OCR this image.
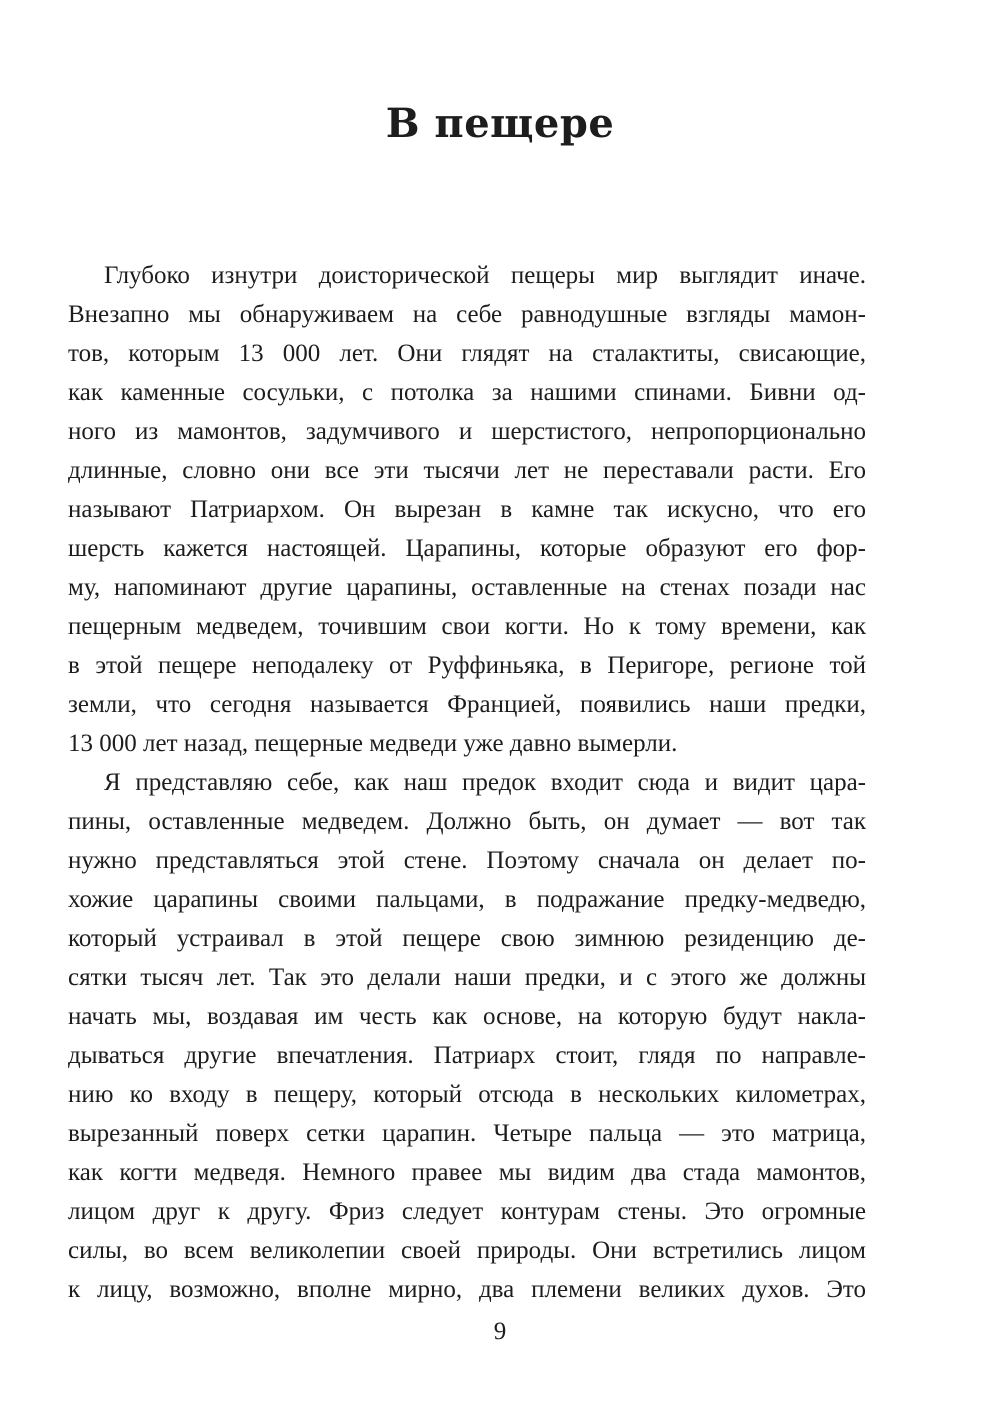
В пещере
Глубоко изнутри доисторической пещеры мир выглядит иначе.
Внезапно мы обнаруживаем на себе равнодушные взгляды мамон-
тов, которым 13 000 лет. Они глядят на сталактиты, свисающие,
как каменные сосульки, с потолка за нашими спинами. Бивни од-
ного из мамонтов, задумчивого и шерстистого, непропорционально
длинные, словно они все эти тысячи лет не переставали расти. Его
называют Патриархом. Он вырезан в камне так искусно, что его
шерсть кажется настоящей. Царапины, которые образуют его фор-
му, напоминают другие царапины, оставленные на стенах позади нас
пещерным медведем, точившим свои когти. Но к тому времени, как
в этой пещере неподалеку от Руффиньяка, в Перигоре, регионе той
земли, что сегодня называется Францией, появились наши предки,
13 000 лет назад, пещерные медведи уже давно вымерли.
Я представляю себе, как наш предок входит сюда и видит цара-
пины, оставленные медведем. Должно быть, он думает — вот так
нужно представляться этой стене. Поэтому сначала он делает по-
хожие царапины своими пальцами, в подражание предку-медведю,
который устраивал в этой пещере свою зимнюю резиденцию де-
сятки тысяч лет. Так это делали наши предки, и с этого же должны
начать мы, воздавая им честь как основе, на которую будут накла-
дываться другие впечатления. Патриарх стоит, глядя по направле-
нию ко входу в пещеру, который отсюда в нескольких километрах,
вырезанный поверх сетки царапин. Четыре пальца — это матрица,
как когти медведя. Немного правее мы видим два стада мамонтов,
лицом друг к другу. Фриз следует контурам стены. Это огромные
силы, во всем великолепии своей природы. Они встретились лицом
к лицу, возможно, вполне мирно, два племени великих духов. Это
9
